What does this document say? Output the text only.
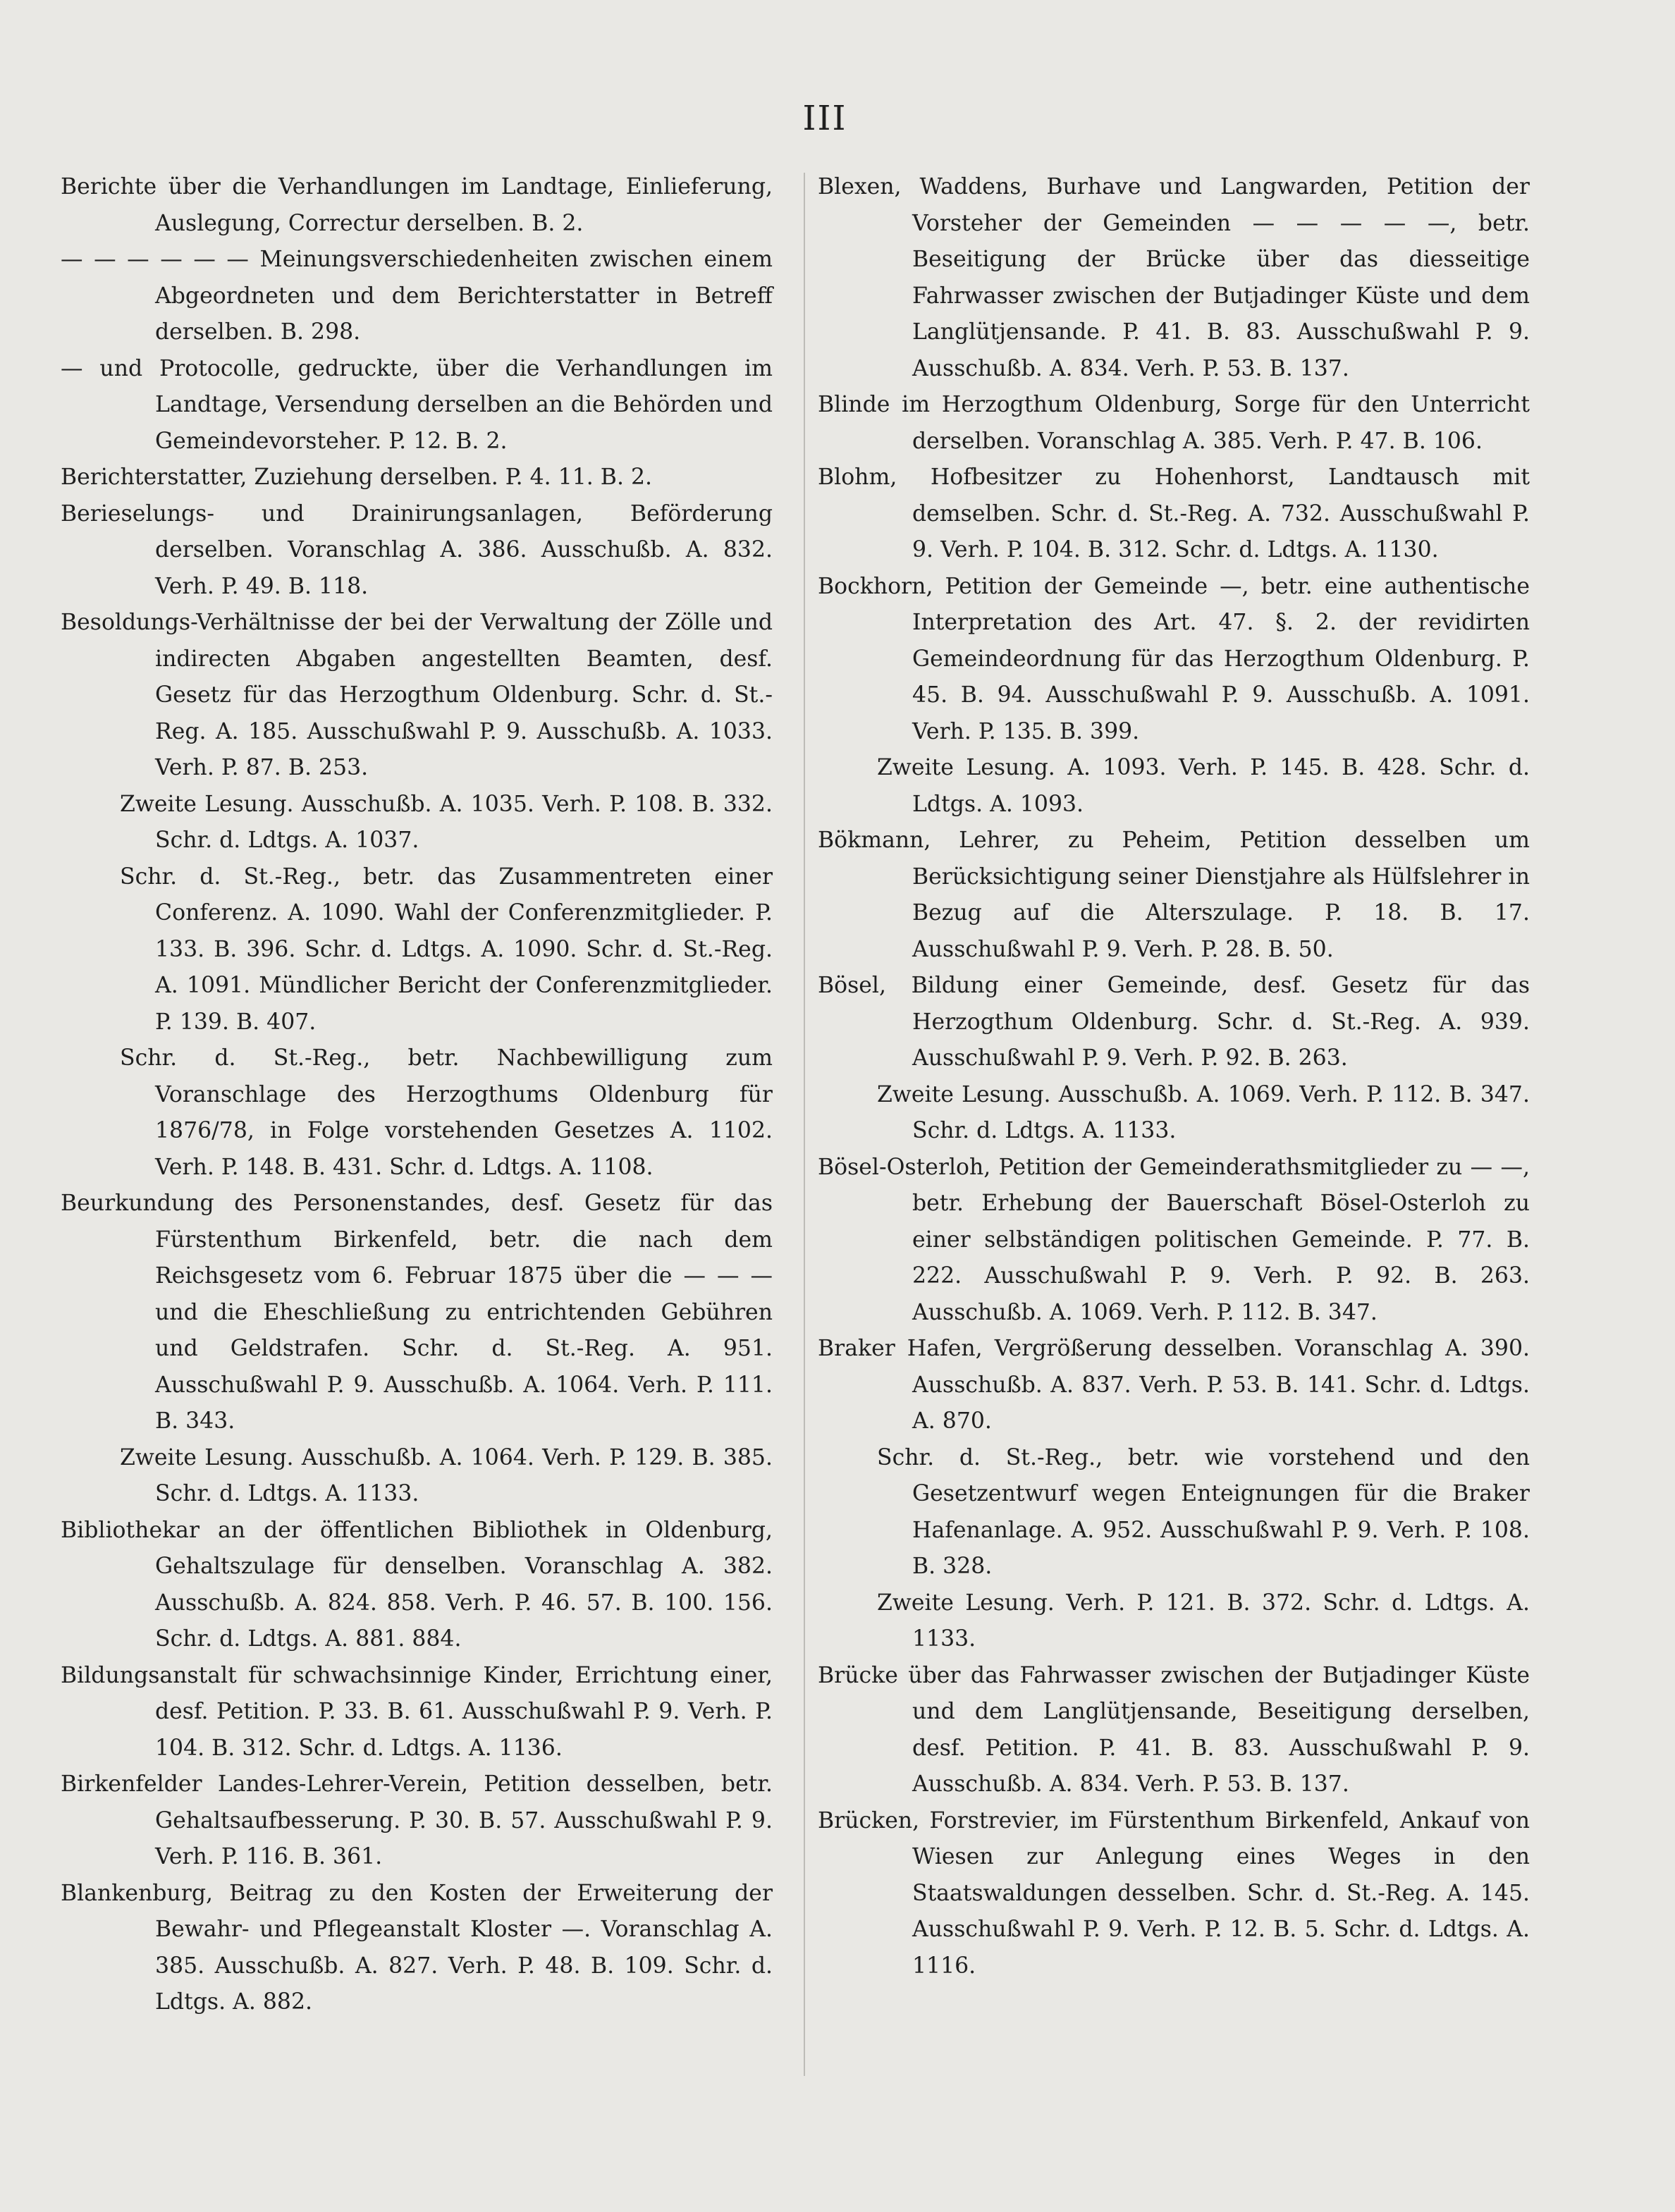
III

Berichte über die Verhandlungen im Landtage, Einlieferung, Auslegung, Correctur derselben. B. 2.

— — — — — — Meinungsverschiedenheiten zwischen einem Abgeordneten und dem Berichterstatter in Betreff derselben. B. 298.

— und Protocolle, gedruckte, über die Verhandlungen im Landtage, Versendung derselben an die Behörden und Gemeindevorsteher. P. 12. B. 2.

Berichterstatter, Zuziehung derselben. P. 4. 11. B. 2.

Berieselungs- und Drainirungsanlagen, Beförderung derselben. Voranschlag A. 386. Ausschußb. A. 832. Verh. P. 49. B. 118.

Besoldungs-Verhältnisse der bei der Verwaltung der Zölle und indirecten Abgaben angestellten Beamten, desf. Gesetz für das Herzogthum Oldenburg. Schr. d. St.-Reg. A. 185. Ausschußwahl P. 9. Ausschußb. A. 1033. Verh. P. 87. B. 253.

Zweite Lesung. Ausschußb. A. 1035. Verh. P. 108. B. 332. Schr. d. Ldtgs. A. 1037.

Schr. d. St.-Reg., betr. das Zusammentreten einer Conferenz. A. 1090. Wahl der Conferenzmitglieder. P. 133. B. 396. Schr. d. Ldtgs. A. 1090. Schr. d. St.-Reg. A. 1091. Mündlicher Bericht der Conferenzmitglieder. P. 139. B. 407.

Schr. d. St.-Reg., betr. Nachbewilligung zum Voranschlage des Herzogthums Oldenburg für 1876/78, in Folge vorstehenden Gesetzes A. 1102. Verh. P. 148. B. 431. Schr. d. Ldtgs. A. 1108.

Beurkundung des Personenstandes, desf. Gesetz für das Fürstenthum Birkenfeld, betr. die nach dem Reichsgesetz vom 6. Februar 1875 über die — — — und die Eheschließung zu entrichtenden Gebühren und Geldstrafen. Schr. d. St.-Reg. A. 951. Ausschußwahl P. 9. Ausschußb. A. 1064. Verh. P. 111. B. 343.

Zweite Lesung. Ausschußb. A. 1064. Verh. P. 129. B. 385. Schr. d. Ldtgs. A. 1133.

Bibliothekar an der öffentlichen Bibliothek in Oldenburg, Gehaltszulage für denselben. Voranschlag A. 382. Ausschußb. A. 824. 858. Verh. P. 46. 57. B. 100. 156. Schr. d. Ldtgs. A. 881. 884.

Bildungsanstalt für schwachsinnige Kinder, Errichtung einer, desf. Petition. P. 33. B. 61. Ausschußwahl P. 9. Verh. P. 104. B. 312. Schr. d. Ldtgs. A. 1136.

Birkenfelder Landes-Lehrer-Verein, Petition desselben, betr. Gehaltsaufbesserung. P. 30. B. 57. Ausschußwahl P. 9. Verh. P. 116. B. 361.

Blankenburg, Beitrag zu den Kosten der Erweiterung der Bewahr- und Pflegeanstalt Kloster —. Voranschlag A. 385. Ausschußb. A. 827. Verh. P. 48. B. 109. Schr. d. Ldtgs. A. 882.

Blexen, Waddens, Burhave und Langwarden, Petition der Vorsteher der Gemeinden — — — — —, betr. Beseitigung der Brücke über das diesseitige Fahrwasser zwischen der Butjadinger Küste und dem Langlütjensande. P. 41. B. 83. Ausschußwahl P. 9. Ausschußb. A. 834. Verh. P. 53. B. 137.

Blinde im Herzogthum Oldenburg, Sorge für den Unterricht derselben. Voranschlag A. 385. Verh. P. 47. B. 106.

Blohm, Hofbesitzer zu Hohenhorst, Landtausch mit demselben. Schr. d. St.-Reg. A. 732. Ausschußwahl P. 9. Verh. P. 104. B. 312. Schr. d. Ldtgs. A. 1130.

Bockhorn, Petition der Gemeinde —, betr. eine authentische Interpretation des Art. 47. §. 2. der revidirten Gemeindeordnung für das Herzogthum Oldenburg. P. 45. B. 94. Ausschußwahl P. 9. Ausschußb. A. 1091. Verh. P. 135. B. 399.

Zweite Lesung. A. 1093. Verh. P. 145. B. 428. Schr. d. Ldtgs. A. 1093.

Bökmann, Lehrer, zu Peheim, Petition desselben um Berücksichtigung seiner Dienstjahre als Hülfslehrer in Bezug auf die Alterszulage. P. 18. B. 17. Ausschußwahl P. 9. Verh. P. 28. B. 50.

Bösel, Bildung einer Gemeinde, desf. Gesetz für das Herzogthum Oldenburg. Schr. d. St.-Reg. A. 939. Ausschußwahl P. 9. Verh. P. 92. B. 263.

Zweite Lesung. Ausschußb. A. 1069. Verh. P. 112. B. 347. Schr. d. Ldtgs. A. 1133.

Bösel-Osterloh, Petition der Gemeinderathsmitglieder zu — —, betr. Erhebung der Bauerschaft Bösel-Osterloh zu einer selbständigen politischen Gemeinde. P. 77. B. 222. Ausschußwahl P. 9. Verh. P. 92. B. 263. Ausschußb. A. 1069. Verh. P. 112. B. 347.

Braker Hafen, Vergrößerung desselben. Voranschlag A. 390. Ausschußb. A. 837. Verh. P. 53. B. 141. Schr. d. Ldtgs. A. 870.

Schr. d. St.-Reg., betr. wie vorstehend und den Gesetzentwurf wegen Enteignungen für die Braker Hafenanlage. A. 952. Ausschußwahl P. 9. Verh. P. 108. B. 328.

Zweite Lesung. Verh. P. 121. B. 372. Schr. d. Ldtgs. A. 1133.

Brücke über das Fahrwasser zwischen der Butjadinger Küste und dem Langlütjensande, Beseitigung derselben, desf. Petition. P. 41. B. 83. Ausschußwahl P. 9. Ausschußb. A. 834. Verh. P. 53. B. 137.

Brücken, Forstrevier, im Fürstenthum Birkenfeld, Ankauf von Wiesen zur Anlegung eines Weges in den Staatswaldungen desselben. Schr. d. St.-Reg. A. 145. Ausschußwahl P. 9. Verh. P. 12. B. 5. Schr. d. Ldtgs. A. 1116.
